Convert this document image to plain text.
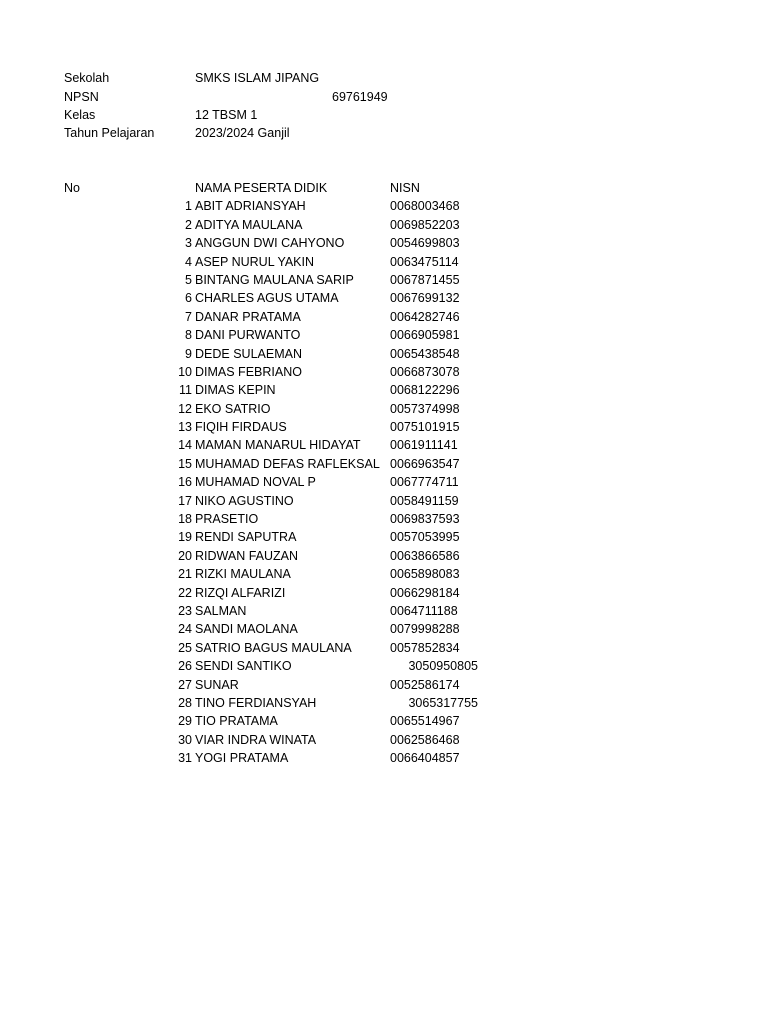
Sekolah	SMKS ISLAM JIPANG
NPSN	69761949
Kelas	12 TBSM 1
Tahun Pelajaran	2023/2024 Ganjil
No	NAMA PESERTA DIDIK	NISN
1 ABIT ADRIANSYAH	0068003468
2 ADITYA MAULANA	0069852203
3 ANGGUN DWI CAHYONO	0054699803
4 ASEP NURUL YAKIN	0063475114
5 BINTANG MAULANA SARIP	0067871455
6 CHARLES AGUS UTAMA	0067699132
7 DANAR PRATAMA	0064282746
8 DANI PURWANTO	0066905981
9 DEDE SULAEMAN	0065438548
10 DIMAS FEBRIANO	0066873078
11 DIMAS KEPIN	0068122296
12 EKO SATRIO	0057374998
13 FIQIH FIRDAUS	0075101915
14 MAMAN MANARUL HIDAYAT 0061911141
15 MUHAMAD DEFAS RAFLEKSAL 0066963547
16 MUHAMAD NOVAL P	0067774711
17 NIKO AGUSTINO	0058491159
18 PRASETIO	0069837593
19 RENDI SAPUTRA	0057053995
20 RIDWAN FAUZAN	0063866586
21 RIZKI MAULANA	0065898083
22 RIZQI ALFARIZI	0066298184
23 SALMAN	0064711188
24 SANDI MAOLANA	0079998288
25 SATRIO BAGUS MAULANA	0057852834
26 SENDI SANTIKO	3050950805
27 SUNAR	0052586174
28 TINO FERDIANSYAH	3065317755
29 TIO PRATAMA	0065514967
30 VIAR INDRA WINATA	0062586468
31 YOGI PRATAMA	0066404857
